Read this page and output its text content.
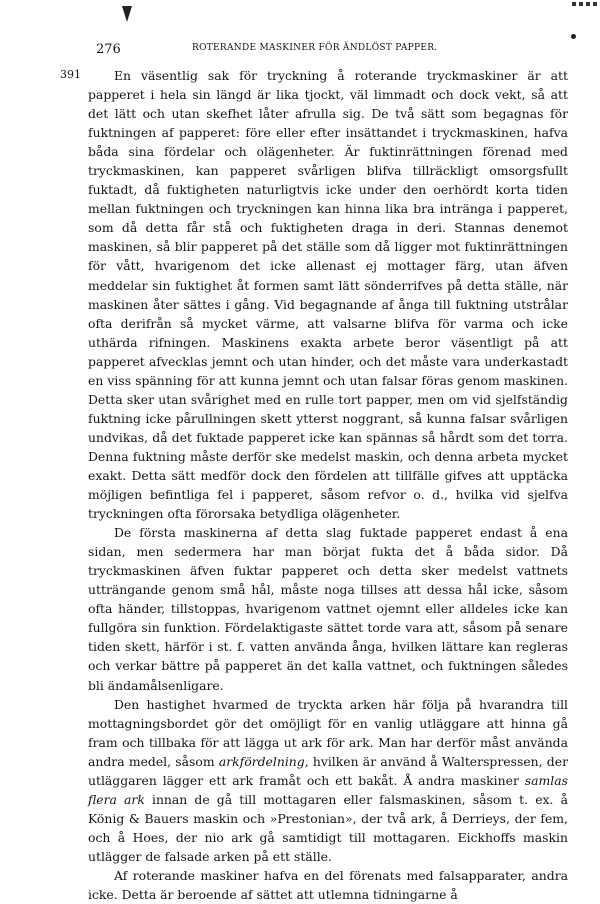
276	ROTERANDE MASKINER FÖR ÄNDLÖST PAPPER.
391	En väsentlig sak för tryckning å roterande tryckmaskiner är att papperet i hela sin längd är lika tjockt, väl limmadt och dock vekt, så att det lätt och utan skefhet låter afrulla sig. De två sätt som begagnas för fuktningen af papperet: före eller efter insättandet i tryckmaskinen, hafva båda sina fördelar och olägenheter. Är fuktinrättningen förenad med tryckmaskinen, kan papperet svårligen blifva tillräckligt omsorgsfullt fuktadt, då fuktigheten naturligtvis icke under den oerhördt korta tiden mellan fuktningen och tryckningen kan hinna lika bra intränga i papperet, som då detta får stå och fuktigheten draga in deri. Stannas denemot maskinen, så blir papperet på det ställe som då ligger mot fuktinrättningen för vått, hvarigenom det icke allenast ej mottager färg, utan äfven meddelar sin fuktighet åt formen samt lätt sönderrifves på detta ställe, när maskinen åter sättes i gång. Vid begagnande af ånga till fuktning utstrålar ofta derifrån så mycket värme, att valsarne blifva för varma och icke uthärda rifningen. Maskinens exakta arbete beror väsentligt på att papperet afvecklas jemnt och utan hinder, och det måste vara underkastadt en viss spänning för att kunna jemnt och utan falsar föras genom maskinen. Detta sker utan svårighet med en rulle tort papper, men om vid sjelfständig fuktning icke pårullningen skett ytterst noggrant, så kunna falsar svårligen undvikas, då det fuktade papperet icke kan spännas så hårdt som det torra. Denna fuktning måste derför ske medelst maskin, och denna arbeta mycket exakt. Detta sätt medför dock den fördelen att tillfälle gifves att upptäcka möjligen befintliga fel i papperet, såsom refvor o. d., hvilka vid sjelfva tryckningen ofta förorsaka betydliga olägenheter.

De första maskinerna af detta slag fuktade papperet endast å ena sidan, men sedermera har man börjat fukta det å båda sidor. Då tryckmaskinen äfven fuktar papperet och detta sker medelst vattnets utträngande genom små hål, måste noga tillses att dessa hål icke, såsom ofta händer, tillstoppas, hvarigenom vattnet ojemnt eller alldeles icke kan fullgöra sin funktion. Fördelaktigaste sättet torde vara att, såsom på senare tiden skett, härför i st. f. vatten använda ånga, hvilken lättare kan regleras och verkar bättre på papperet än det kalla vattnet, och fuktningen således bli ändamålsenligare.

Den hastighet hvarmed de tryckta arken här följa på hvarandra till mottagningsbordet gör det omöjligt för en vanlig utläggare att hinna gå fram och tillbaka för att lägga ut ark för ark. Man har derför måst använda andra medel, såsom arkfördelning, hvilken är använd å Walterspressen, der utläggaren lägger ett ark framåt och ett bakåt. Å andra maskiner samlas flera ark innan de gå till mottagaren eller falsmaskinen, såsom t. ex. å König & Bauers maskin och »Prestonian», der två ark, å Derrieys, der fem, och å Hoes, der nio ark gå samtidigt till mottagaren. Eickhoffs maskin utlägger de falsade arken på ett ställe.

Af roterande maskiner hafva en del förenats med falsapparater, andra icke. Detta är beroende af sättet att utlemna tidningarne å
